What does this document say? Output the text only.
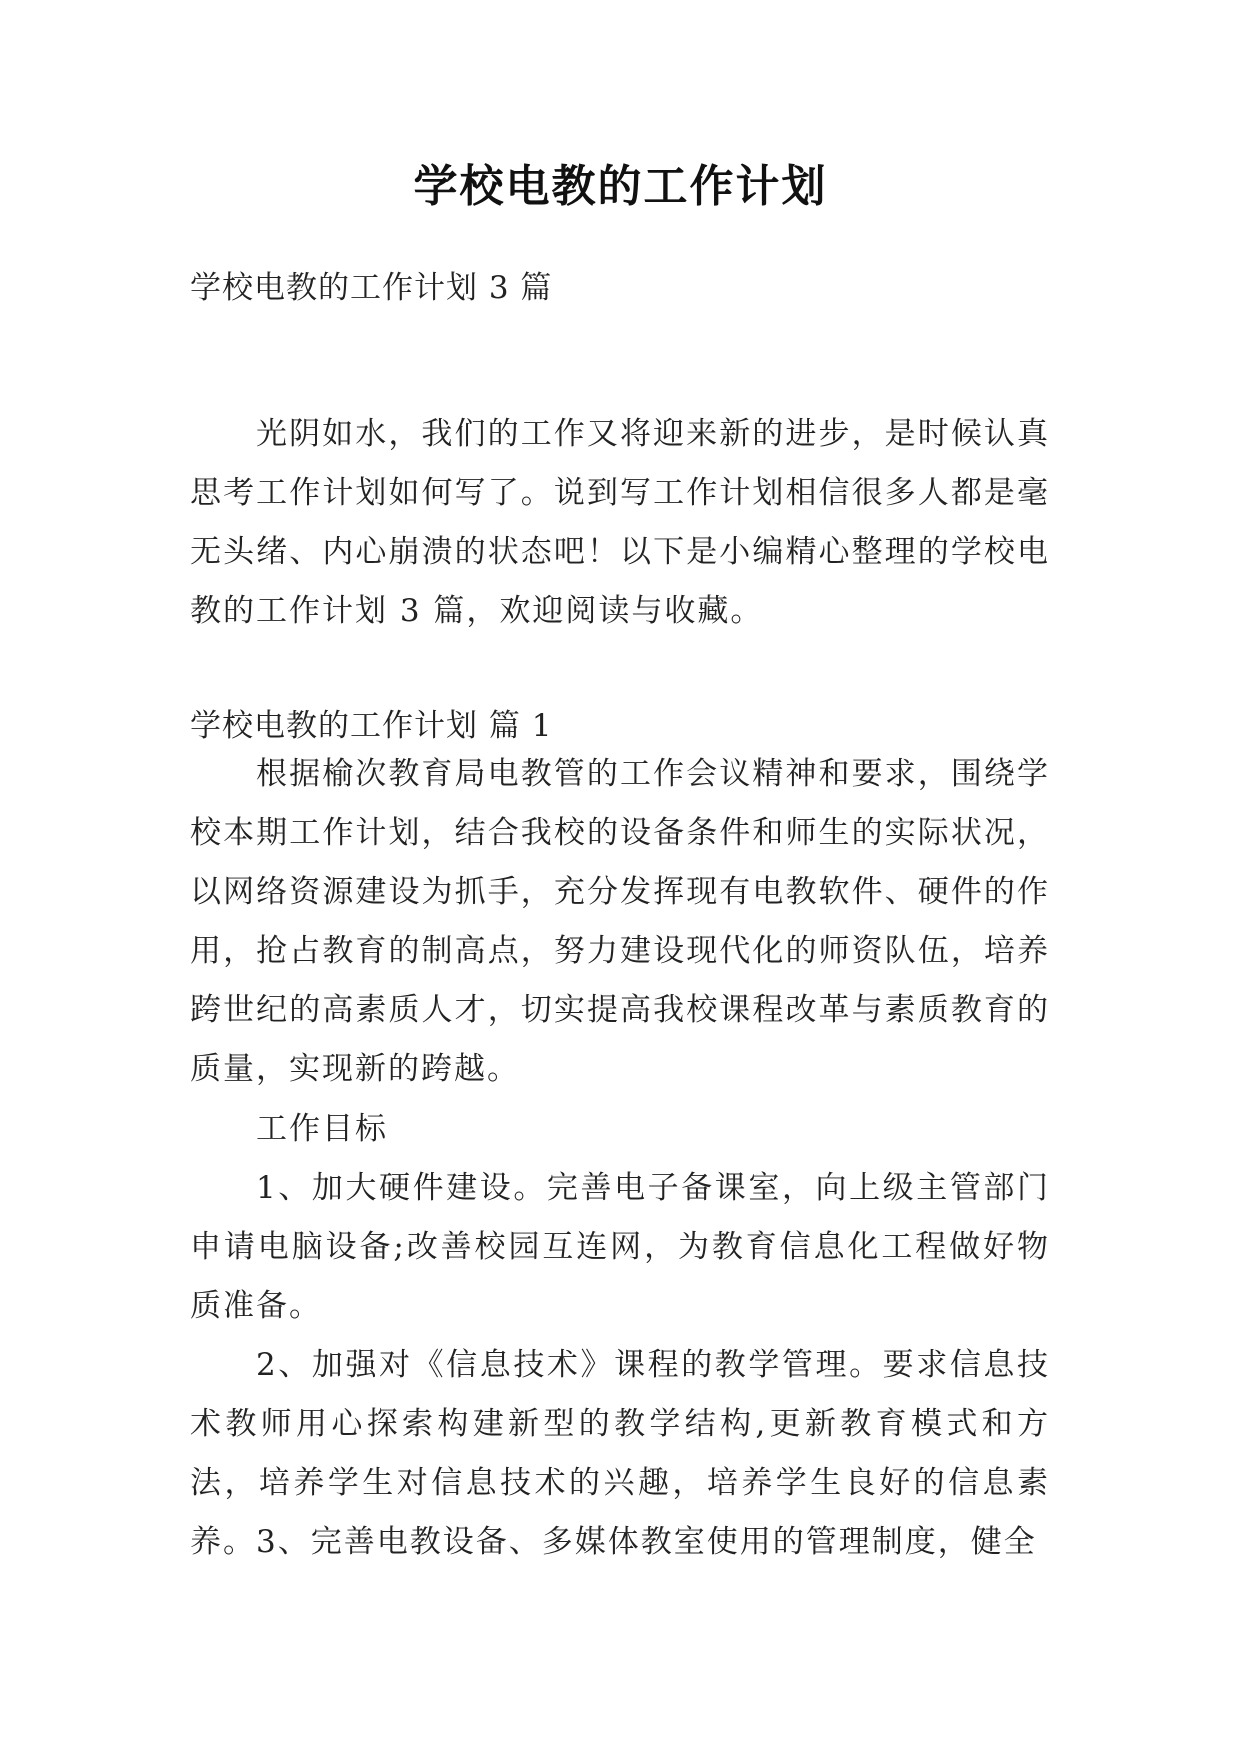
学校电教的工作计划
学校电教的工作计划 3 篇

光阴如水，我们的工作又将迎来新的进步，是时候认真思考工作计划如何写了。说到写工作计划相信很多人都是毫无头绪、内心崩溃的状态吧！以下是小编精心整理的学校电教的工作计划 3 篇，欢迎阅读与收藏。

学校电教的工作计划 篇 1

根据榆次教育局电教管的工作会议精神和要求，围绕学校本期工作计划，结合我校的设备条件和师生的实际状况，以网络资源建设为抓手，充分发挥现有电教软件、硬件的作用，抢占教育的制高点，努力建设现代化的师资队伍，培养跨世纪的高素质人才，切实提高我校课程改革与素质教育的质量，实现新的跨越。

工作目标

1、加大硬件建设。完善电子备课室，向上级主管部门申请电脑设备;改善校园互连网，为教育信息化工程做好物质准备。

2、加强对《信息技术》课程的教学管理。要求信息技术教师用心探索构建新型的教学结构,更新教育模式和方法，培养学生对信息技术的兴趣，培养学生良好的信息素养。 3、完善电教设备、多媒体教室使用的管理制度，健全
